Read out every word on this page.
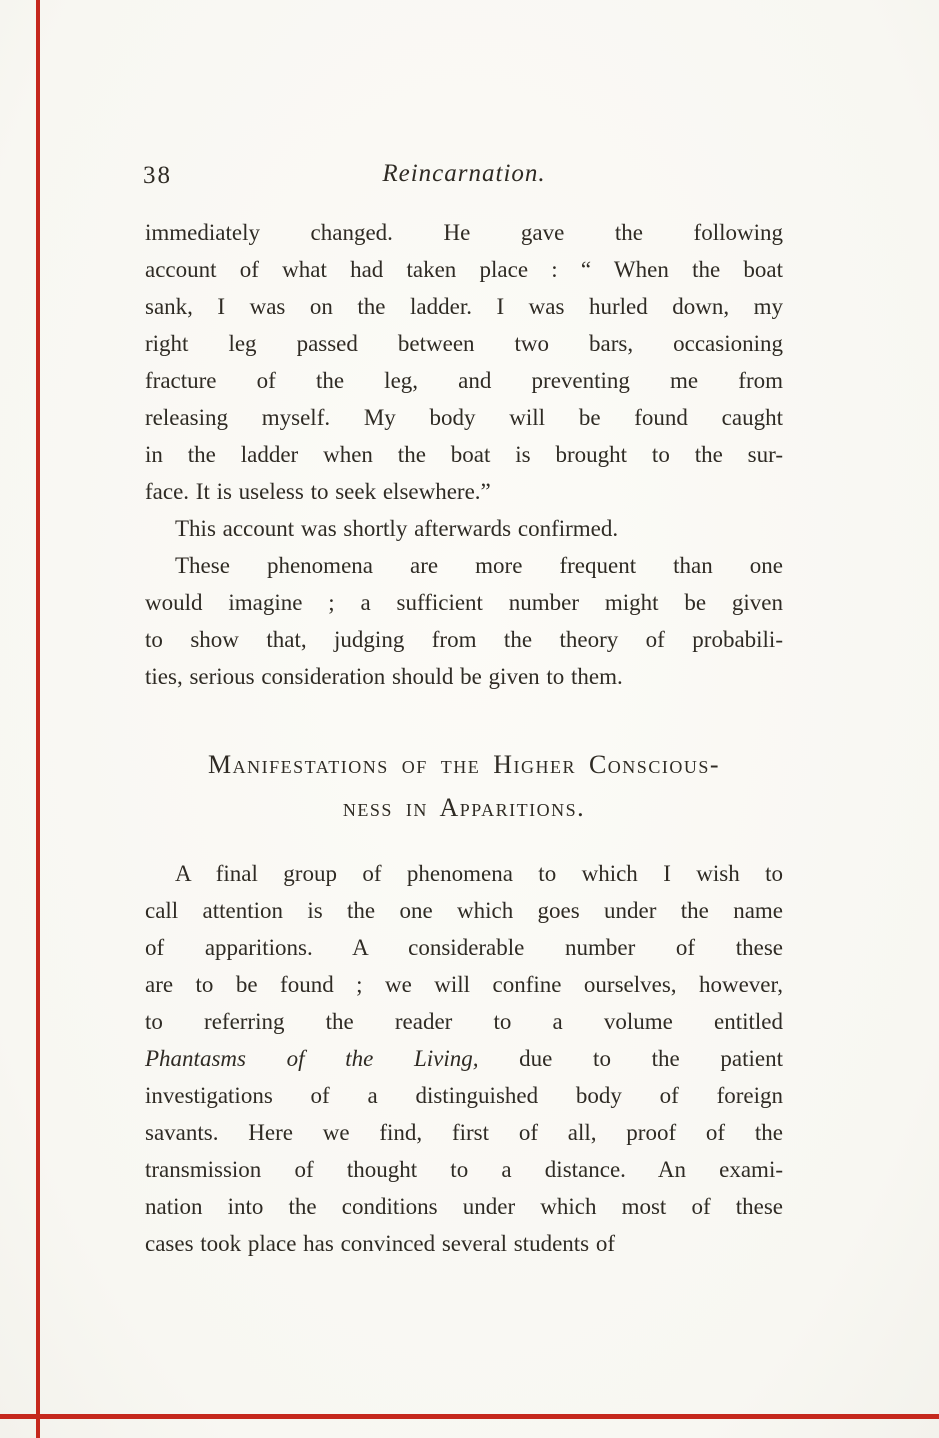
38	Reincarnation.
immediately changed. He gave the following
account of what had taken place : “ When the boat
sank, I was on the ladder. I was hurled down, my
right leg passed between two bars, occasioning
fracture of the leg, and preventing me from
releasing myself. My body will be found caught
in the ladder when the boat is brought to the sur-
face. It is useless to seek elsewhere.”
This account was shortly afterwards confirmed.
These phenomena are more frequent than one
would imagine ; a sufficient number might be given
to show that, judging from the theory of probabili-
ties, serious consideration should be given to them.
Manifestations of the Higher Conscious-
ness in Apparitions.
A final group of phenomena to which I wish to
call attention is the one which goes under the name
of apparitions. A considerable number of these
are to be found ; we will confine ourselves, however,
to referring the reader to a volume entitled
Phantasms of the Living, due to the patient
investigations of a distinguished body of foreign
savants. Here we find, first of all, proof of the
transmission of thought to a distance. An exami-
nation into the conditions under which most of these
cases took place has convinced several students of
